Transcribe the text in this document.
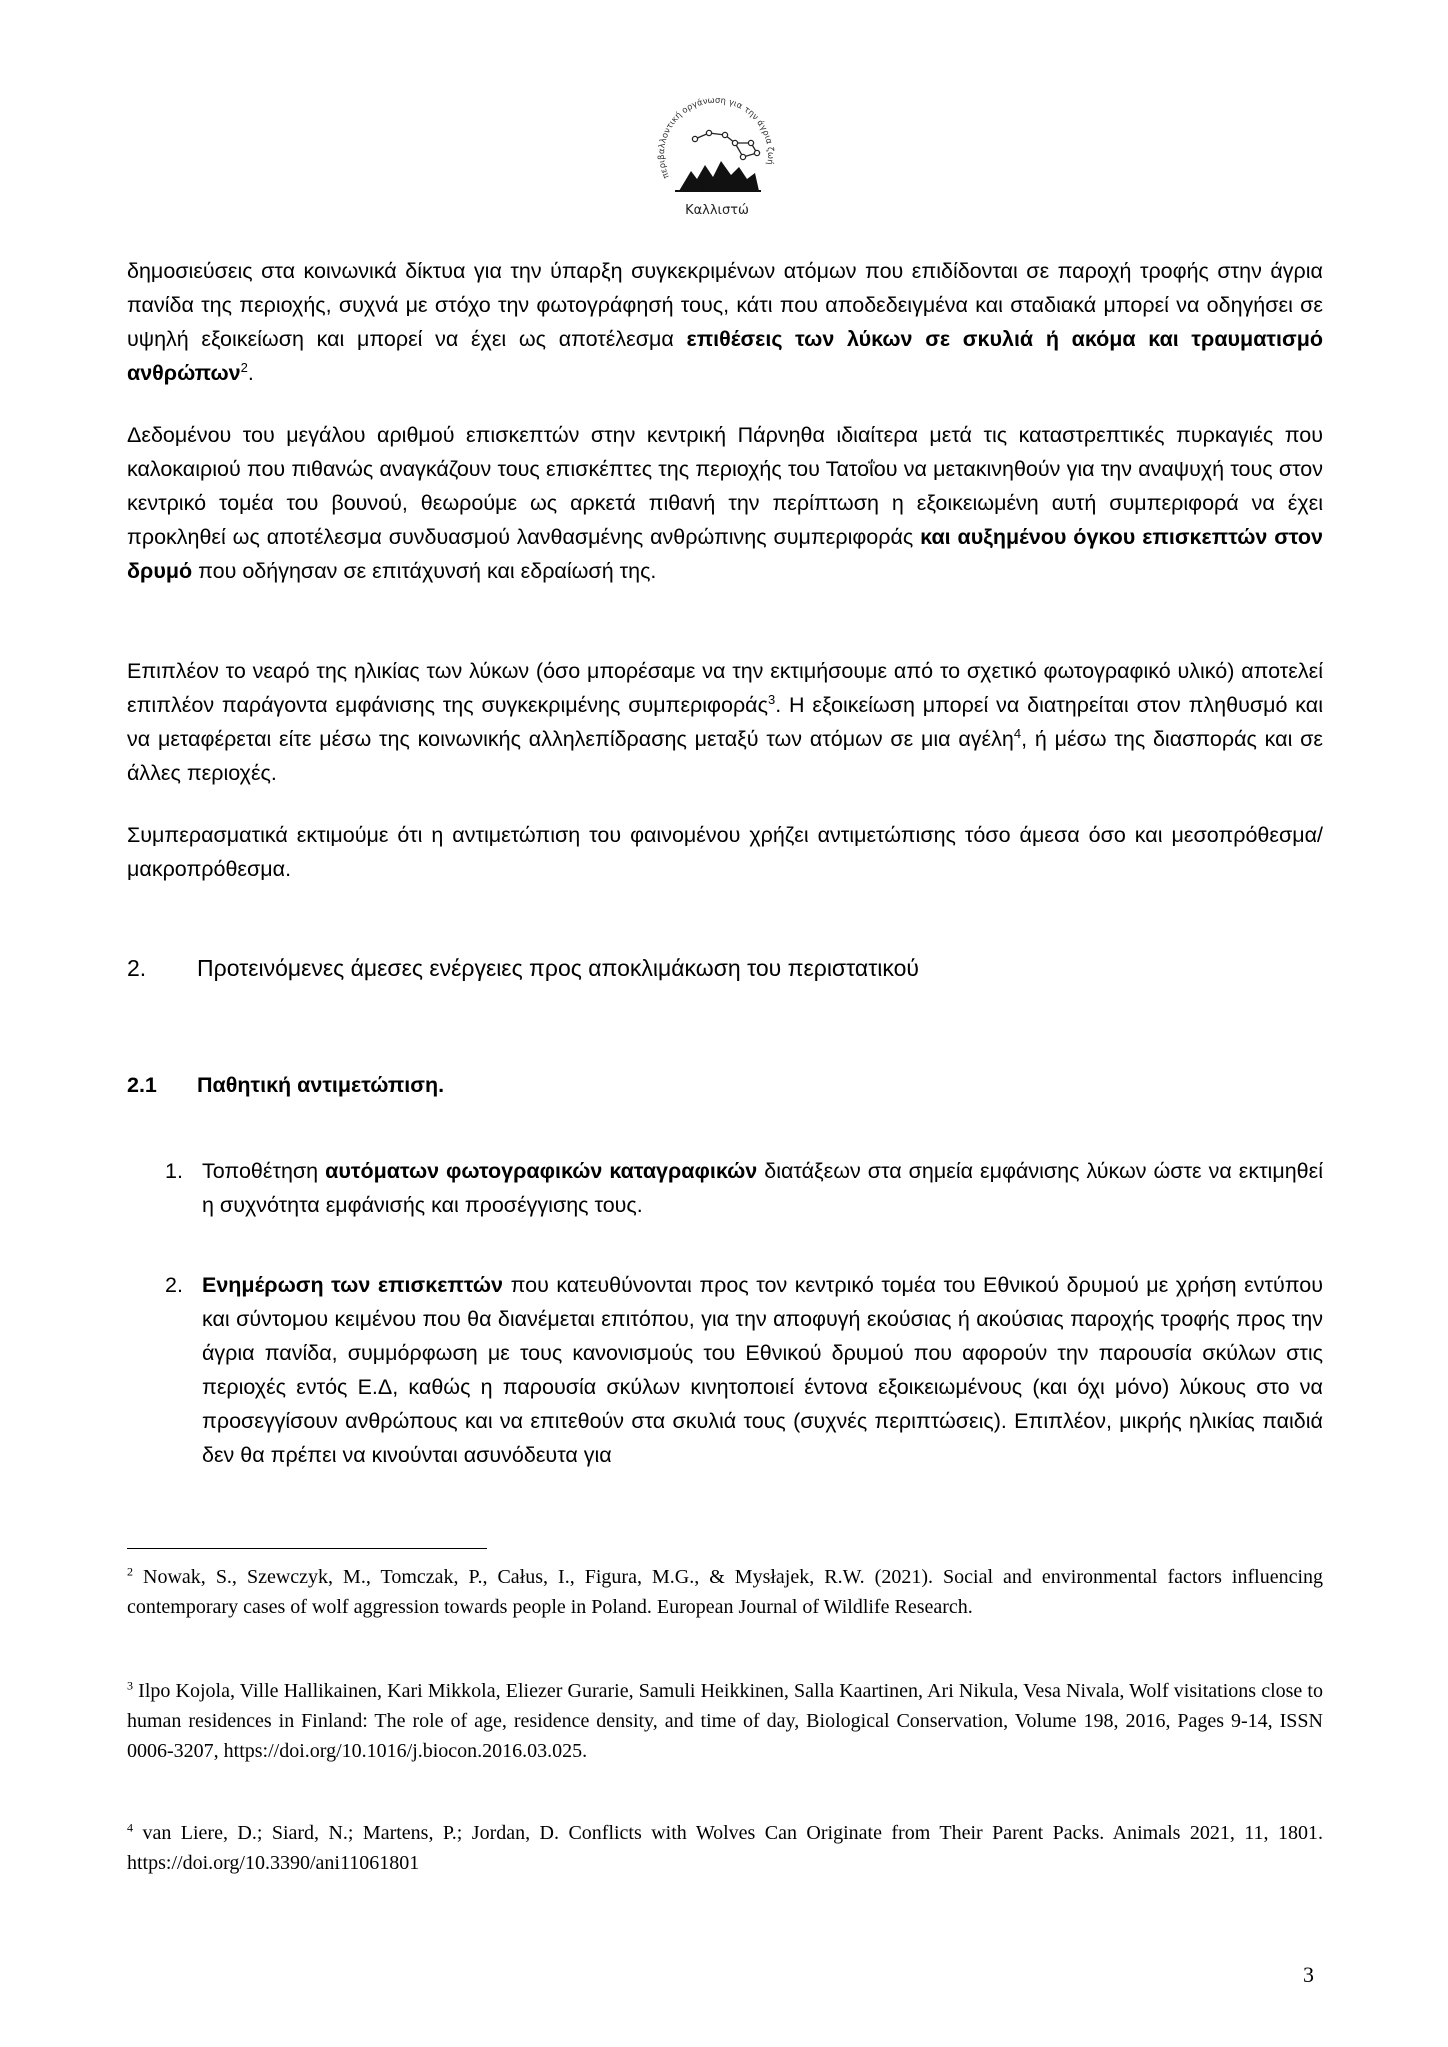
περιβαλλοντική οργάνωση για την άγρια ζωή
Καλλιστώ

δημοσιεύσεις στα κοινωνικά δίκτυα για την ύπαρξη συγκεκριμένων ατόμων που επιδίδονται σε παροχή τροφής στην άγρια πανίδα της περιοχής, συχνά με στόχο την φωτογράφησή τους, κάτι που αποδεδειγμένα και σταδιακά μπορεί να οδηγήσει σε υψηλή εξοικείωση και μπορεί να έχει ως αποτέλεσμα επιθέσεις των λύκων σε σκυλιά ή ακόμα και τραυματισμό ανθρώπων$^2$.

Δεδομένου του μεγάλου αριθμού επισκεπτών στην κεντρική Πάρνηθα ιδιαίτερα μετά τις καταστρεπτικές πυρκαγιές που καλοκαιριού που πιθανώς αναγκάζουν τους επισκέπτες της περιοχής του Τατοΐου να μετακινηθούν για την αναψυχή τους στον κεντρικό τομέα του βουνού, θεωρούμε ως αρκετά πιθανή την περίπτωση η εξοικειωμένη αυτή συμπεριφορά να έχει προκληθεί ως αποτέλεσμα συνδυασμού λανθασμένης ανθρώπινης συμπεριφοράς και αυξημένου όγκου επισκεπτών στον δρυμό που οδήγησαν σε επιτάχυνσή και εδραίωσή της.

Επιπλέον το νεαρό της ηλικίας των λύκων (όσο μπορέσαμε να την εκτιμήσουμε από το σχετικό φωτογραφικό υλικό) αποτελεί επιπλέον παράγοντα εμφάνισης της συγκεκριμένης συμπεριφοράς$^3$. Η εξοικείωση μπορεί να διατηρείται στον πληθυσμό και να μεταφέρεται είτε μέσω της κοινωνικής αλληλεπίδρασης μεταξύ των ατόμων σε μια αγέλη$^4$, ή μέσω της διασποράς και σε άλλες περιοχές.

Συμπερασματικά εκτιμούμε ότι η αντιμετώπιση του φαινομένου χρήζει αντιμετώπισης τόσο άμεσα όσο και μεσοπρόθεσμα/μακροπρόθεσμα.

2. Προτεινόμενες άμεσες ενέργειες προς αποκλιμάκωση του περιστατικού
2.1 Παθητική αντιμετώπιση.
1. Τοποθέτηση αυτόματων φωτογραφικών καταγραφικών διατάξεων στα σημεία εμφάνισης λύκων ώστε να εκτιμηθεί η συχνότητα εμφάνισής και προσέγγισης τους.
2. Ενημέρωση των επισκεπτών που κατευθύνονται προς τον κεντρικό τομέα του Εθνικού δρυμού με χρήση εντύπου και σύντομου κειμένου που θα διανέμεται επιτόπου, για την αποφυγή εκούσιας ή ακούσιας παροχής τροφής προς την άγρια πανίδα, συμμόρφωση με τους κανονισμούς του Εθνικού δρυμού που αφορούν την παρουσία σκύλων στις περιοχές εντός Ε.Δ, καθώς η παρουσία σκύλων κινητοποιεί έντονα εξοικειωμένους (και όχι μόνο) λύκους στο να προσεγγίσουν ανθρώπους και να επιτεθούν στα σκυλιά τους (συχνές περιπτώσεις). Επιπλέον, μικρής ηλικίας παιδιά δεν θα πρέπει να κινούνται ασυνόδευτα για

$^2$ Nowak, S., Szewczyk, M., Tomczak, P., Całus, I., Figura, M.G., & Mysłajek, R.W. (2021). Social and environmental factors influencing contemporary cases of wolf aggression towards people in Poland. European Journal of Wildlife Research.

$^3$ Ilpo Kojola, Ville Hallikainen, Kari Mikkola, Eliezer Gurarie, Samuli Heikkinen, Salla Kaartinen, Ari Nikula, Vesa Nivala, Wolf visitations close to human residences in Finland: The role of age, residence density, and time of day, Biological Conservation, Volume 198, 2016, Pages 9-14, ISSN 0006-3207, https://doi.org/10.1016/j.biocon.2016.03.025.

$^4$ van Liere, D.; Siard, N.; Martens, P.; Jordan, D. Conflicts with Wolves Can Originate from Their Parent Packs. Animals 2021, 11, 1801. https://doi.org/10.3390/ani11061801

3
